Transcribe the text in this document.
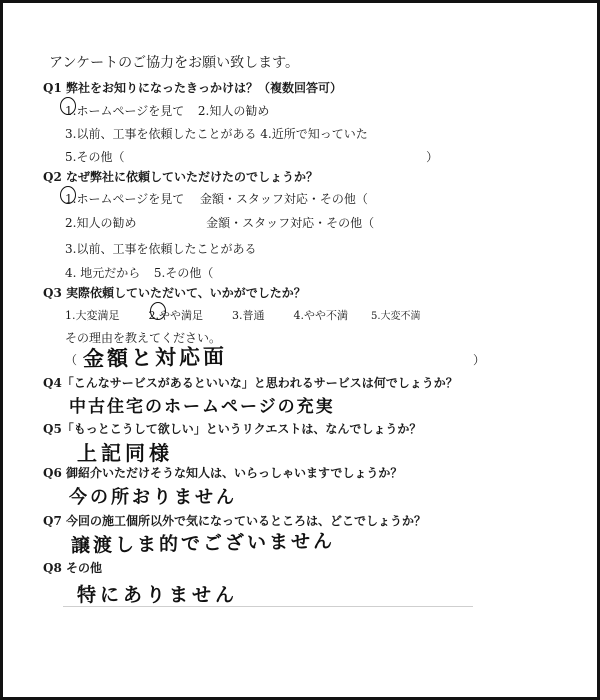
アンケートのご協力をお願い致します。
Q1 弊社をお知りになったきっかけは？（複数回答可）
1.ホームページを見て 2.知人の勧め
3.以前、工事を依頼したことがある 4.近所で知っていた
5.その他（	）
Q2 なぜ弊社に依頼していただけたのでしょうか？
1.ホームページを見て 金額・スタッフ対応・その他（
2.知人の勧め	金額・スタッフ対応・その他（
3.以前、工事を依頼したことがある
4. 地元だから 5.その他（
Q3 実際依頼していただいて、いかがでしたか？
1.大変満足	2.やや満足	3.普通	4.やや不満 5.大変不満
その理由を教えてください。
（ 金額と対応面	）
Q4「こんなサービスがあるといいな」と思われるサービスは何でしょうか？
中古住宅のホームページの充実
Q5「もっとこうして欲しい」というリクエストは、なんでしょうか？
上記同様
Q6 御紹介いただけそうな知人は、いらっしゃいますでしょうか？
今の所おりません
Q7 今回の施工個所以外で気になっているところは、どこでしょうか？
譲渡しま的でございません
Q8 その他
特にありません
